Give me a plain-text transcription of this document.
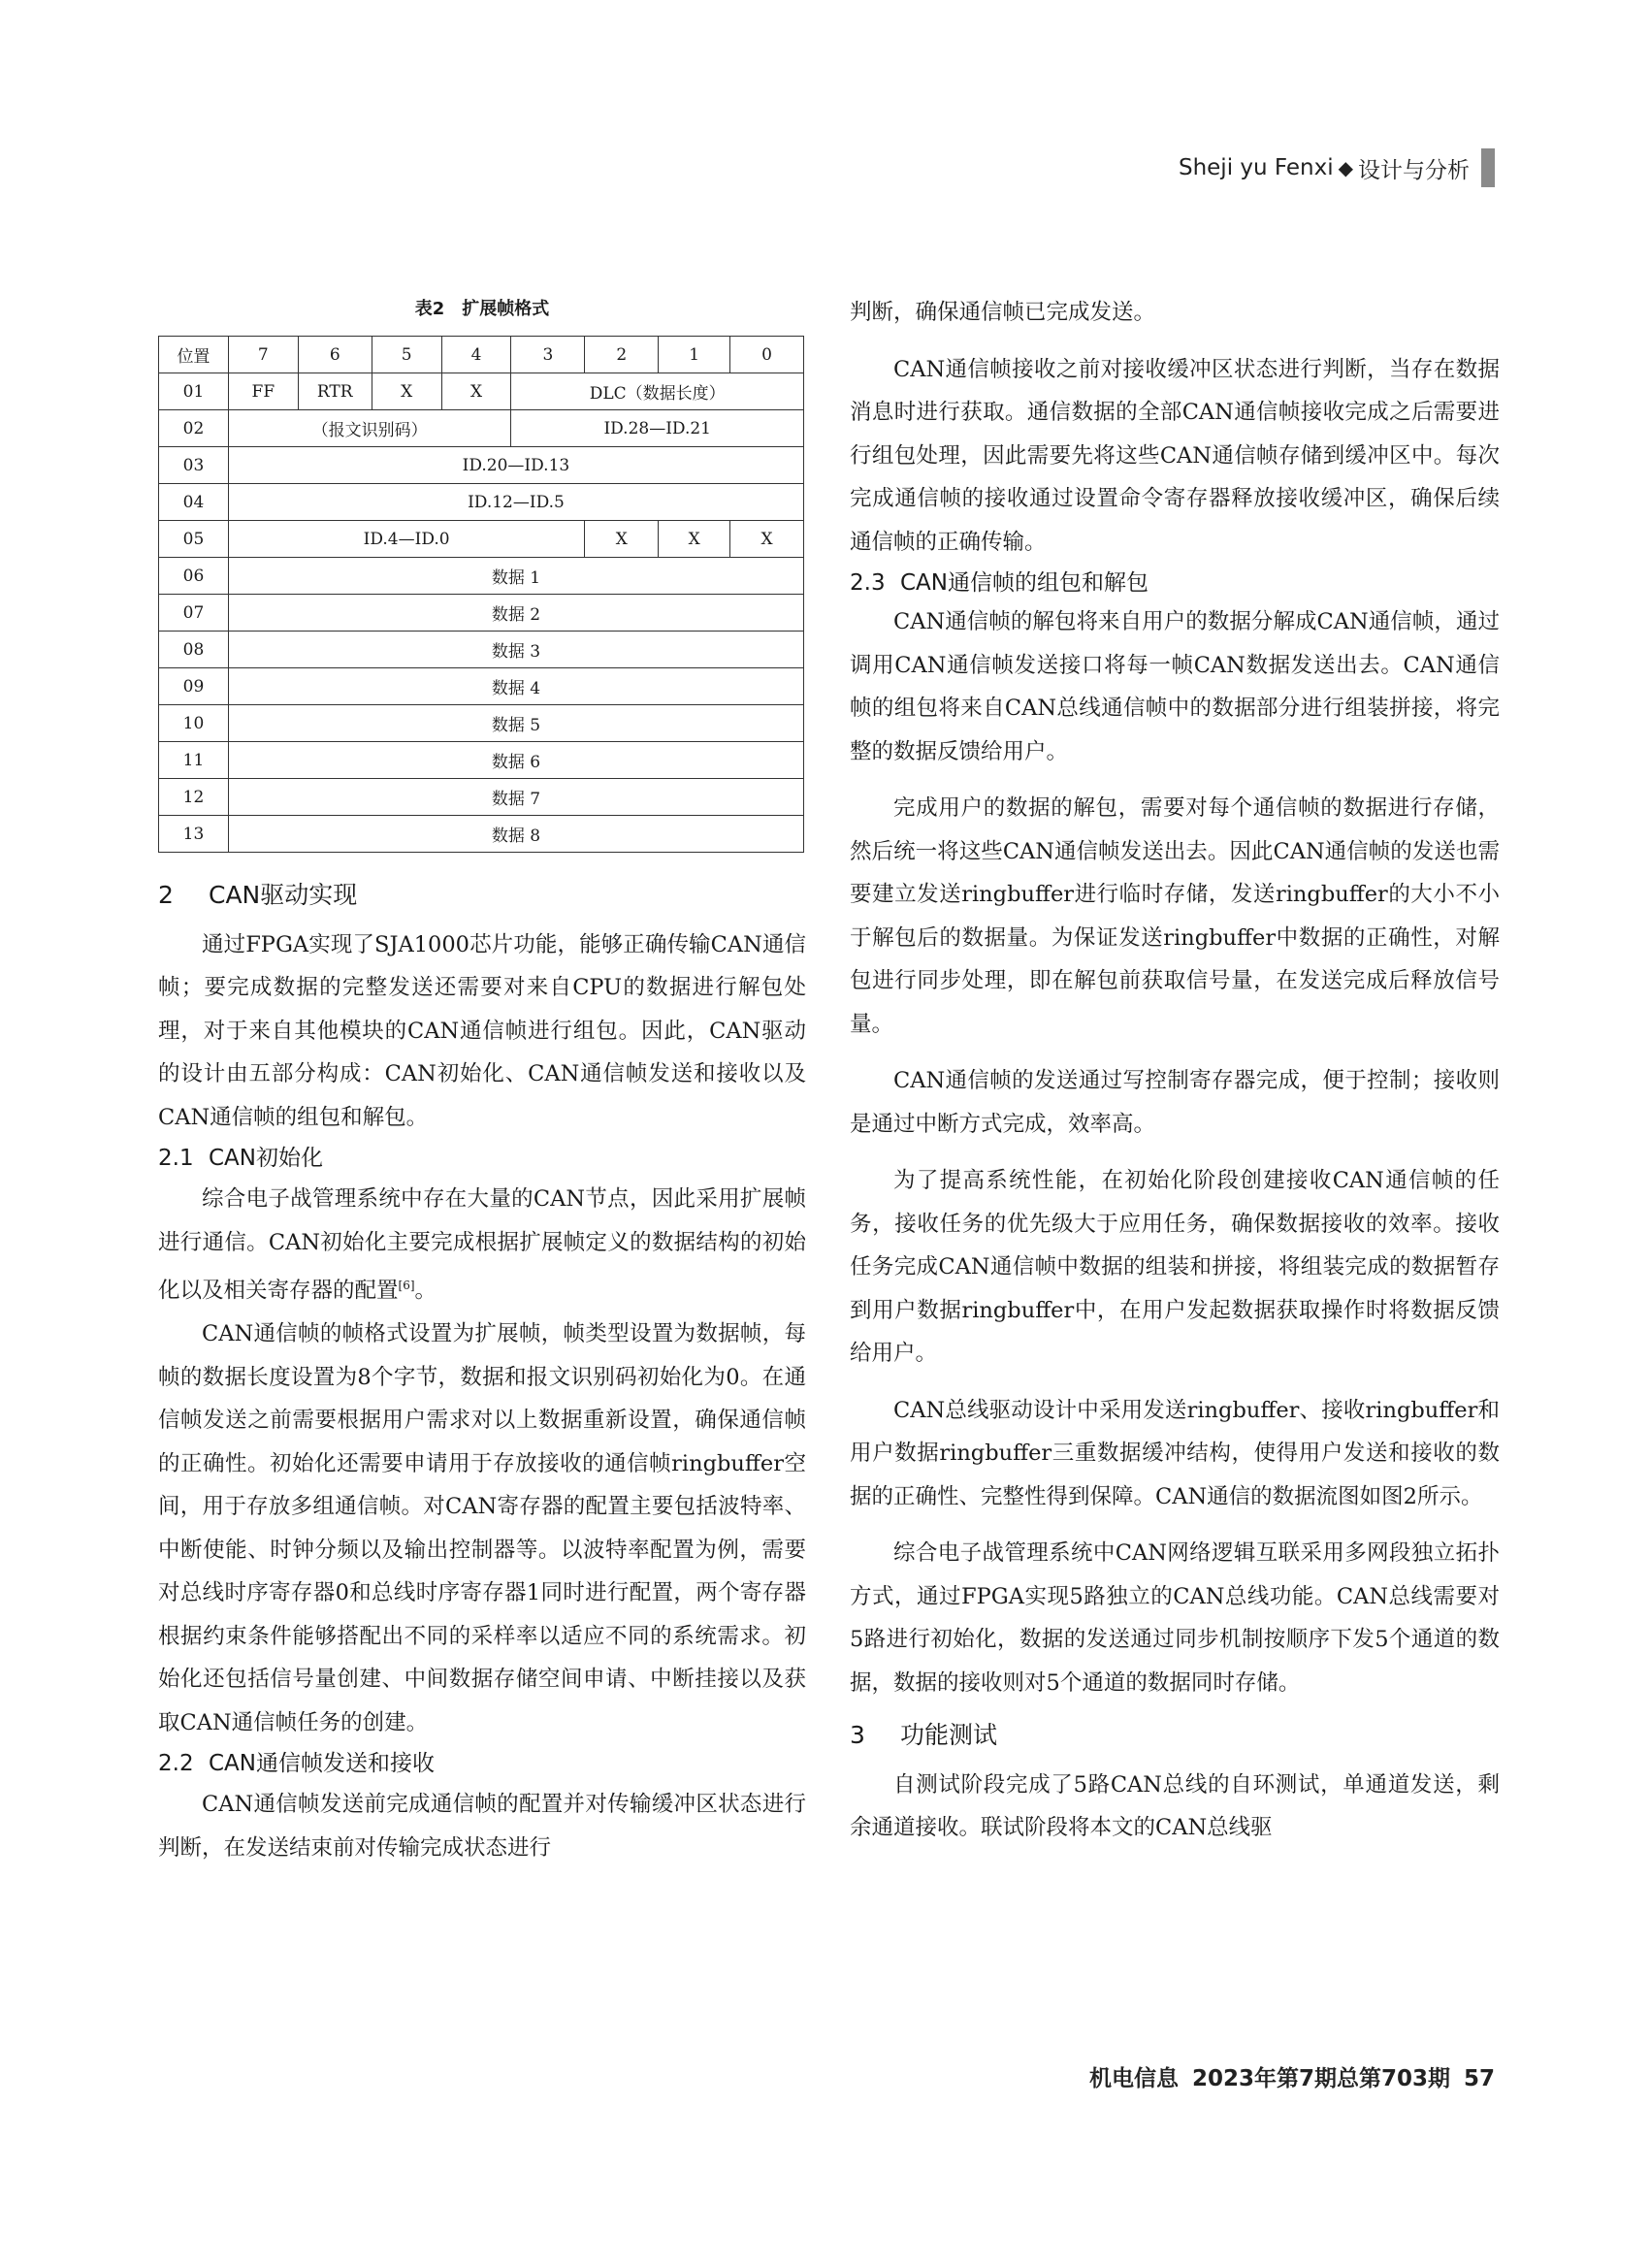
Sheji yu Fenxi ◆ 设计与分析
表2　扩展帧格式
位置	7	6	5	4	3	2	1	0
01	FF	RTR	X	X	DLC（数据长度）			
02	（报文识别码）				ID.28—ID.21			
03	ID.20—ID.13							
04	ID.12—ID.5							
05	ID.4—ID.0					X	X	X
06	数据 1							
07	数据 2							
08	数据 3							
09	数据 4							
10	数据 5							
11	数据 6							
12	数据 7							
13	数据 8							
2 CAN驱动实现

通过FPGA实现了SJA1000芯片功能，能够正确传输CAN通信帧；要完成数据的完整发送还需要对来自CPU的数据进行解包处理，对于来自其他模块的CAN通信帧进行组包。因此，CAN驱动的设计由五部分构成：CAN初始化、CAN通信帧发送和接收以及CAN通信帧的组包和解包。

2.1 CAN初始化

综合电子战管理系统中存在大量的CAN节点，因此采用扩展帧进行通信。CAN初始化主要完成根据扩展帧定义的数据结构的初始化以及相关寄存器的配置[6]。

CAN通信帧的帧格式设置为扩展帧，帧类型设置为数据帧，每帧的数据长度设置为8个字节，数据和报文识别码初始化为0。在通信帧发送之前需要根据用户需求对以上数据重新设置，确保通信帧的正确性。初始化还需要申请用于存放接收的通信帧ringbuffer空间，用于存放多组通信帧。对CAN寄存器的配置主要包括波特率、中断使能、时钟分频以及输出控制器等。以波特率配置为例，需要对总线时序寄存器0和总线时序寄存器1同时进行配置，两个寄存器根据约束条件能够搭配出不同的采样率以适应不同的系统需求。初始化还包括信号量创建、中间数据存储空间申请、中断挂接以及获取CAN通信帧任务的创建。

2.2 CAN通信帧发送和接收

CAN通信帧发送前完成通信帧的配置并对传输缓冲区状态进行判断，在发送结束前对传输完成状态进行

判断，确保通信帧已完成发送。

CAN通信帧接收之前对接收缓冲区状态进行判断，当存在数据消息时进行获取。通信数据的全部CAN通信帧接收完成之后需要进行组包处理，因此需要先将这些CAN通信帧存储到缓冲区中。每次完成通信帧的接收通过设置命令寄存器释放接收缓冲区，确保后续通信帧的正确传输。

2.3 CAN通信帧的组包和解包

CAN通信帧的解包将来自用户的数据分解成CAN通信帧，通过调用CAN通信帧发送接口将每一帧CAN数据发送出去。CAN通信帧的组包将来自CAN总线通信帧中的数据部分进行组装拼接，将完整的数据反馈给用户。

完成用户的数据的解包，需要对每个通信帧的数据进行存储，然后统一将这些CAN通信帧发送出去。因此CAN通信帧的发送也需要建立发送ringbuffer进行临时存储，发送ringbuffer的大小不小于解包后的数据量。为保证发送ringbuffer中数据的正确性，对解包进行同步处理，即在解包前获取信号量，在发送完成后释放信号量。

CAN通信帧的发送通过写控制寄存器完成，便于控制；接收则是通过中断方式完成，效率高。

为了提高系统性能，在初始化阶段创建接收CAN通信帧的任务，接收任务的优先级大于应用任务，确保数据接收的效率。接收任务完成CAN通信帧中数据的组装和拼接，将组装完成的数据暂存到用户数据ringbuffer中，在用户发起数据获取操作时将数据反馈给用户。

CAN总线驱动设计中采用发送ringbuffer、接收ringbuffer和用户数据ringbuffer三重数据缓冲结构，使得用户发送和接收的数据的正确性、完整性得到保障。CAN通信的数据流图如图2所示。

综合电子战管理系统中CAN网络逻辑互联采用多网段独立拓扑方式，通过FPGA实现5路独立的CAN总线功能。CAN总线需要对5路进行初始化，数据的发送通过同步机制按顺序下发5个通道的数据，数据的接收则对5个通道的数据同时存储。

3 功能测试

自测试阶段完成了5路CAN总线的自环测试，单通道发送，剩余通道接收。联试阶段将本文的CAN总线驱

机电信息 2023年第7期总第703期 57
